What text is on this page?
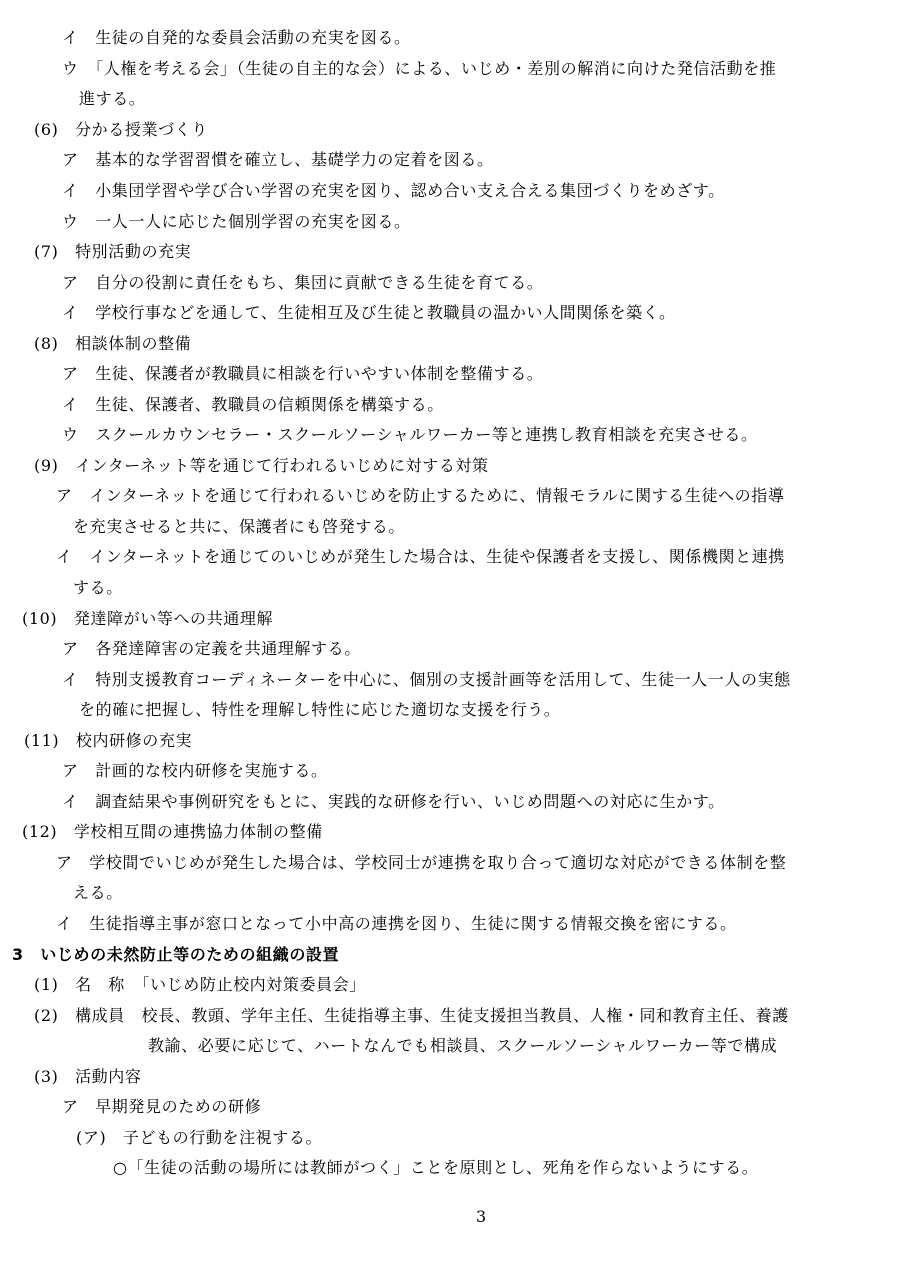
イ　生徒の自発的な委員会活動の充実を図る。
ウ　「人権を考える会」（生徒の自主的な会）による、いじめ・差別の解消に向けた発信活動を推
進する。
(6)　分かる授業づくり
ア　基本的な学習習慣を確立し、基礎学力の定着を図る。
イ　小集団学習や学び合い学習の充実を図り、認め合い支え合える集団づくりをめざす。
ウ　一人一人に応じた個別学習の充実を図る。
(7)　特別活動の充実
ア　自分の役割に責任をもち、集団に貢献できる生徒を育てる。
イ　学校行事などを通して、生徒相互及び生徒と教職員の温かい人間関係を築く。
(8)　相談体制の整備
ア　生徒、保護者が教職員に相談を行いやすい体制を整備する。
イ　生徒、保護者、教職員の信頼関係を構築する。
ウ　スクールカウンセラー・スクールソーシャルワーカー等と連携し教育相談を充実させる。
(9)　インターネット等を通じて行われるいじめに対する対策
ア　インターネットを通じて行われるいじめを防止するために、情報モラルに関する生徒への指導
を充実させると共に、保護者にも啓発する。
イ　インターネットを通じてのいじめが発生した場合は、生徒や保護者を支援し、関係機関と連携
する。
(10)　発達障がい等への共通理解
ア　各発達障害の定義を共通理解する。
イ　特別支援教育コーディネーターを中心に、個別の支援計画等を活用して、生徒一人一人の実態
を的確に把握し、特性を理解し特性に応じた適切な支援を行う。
(11)　校内研修の充実
ア　計画的な校内研修を実施する。
イ　調査結果や事例研究をもとに、実践的な研修を行い、いじめ問題への対応に生かす。
(12)　学校相互間の連携協力体制の整備
ア　学校間でいじめが発生した場合は、学校同士が連携を取り合って適切な対応ができる体制を整
える。
イ　生徒指導主事が窓口となって小中高の連携を図り、生徒に関する情報交換を密にする。
3　いじめの未然防止等のための組織の設置
(1)　名　称　「いじめ防止校内対策委員会」
(2)　構成員　校長、教頭、学年主任、生徒指導主事、生徒支援担当教員、人権・同和教育主任、養護
教諭、必要に応じて、ハートなんでも相談員、スクールソーシャルワーカー等で構成
(3)　活動内容
ア　早期発見のための研修
(ア)　子どもの行動を注視する。
○「生徒の活動の場所には教師がつく」ことを原則とし、死角を作らないようにする。
3
